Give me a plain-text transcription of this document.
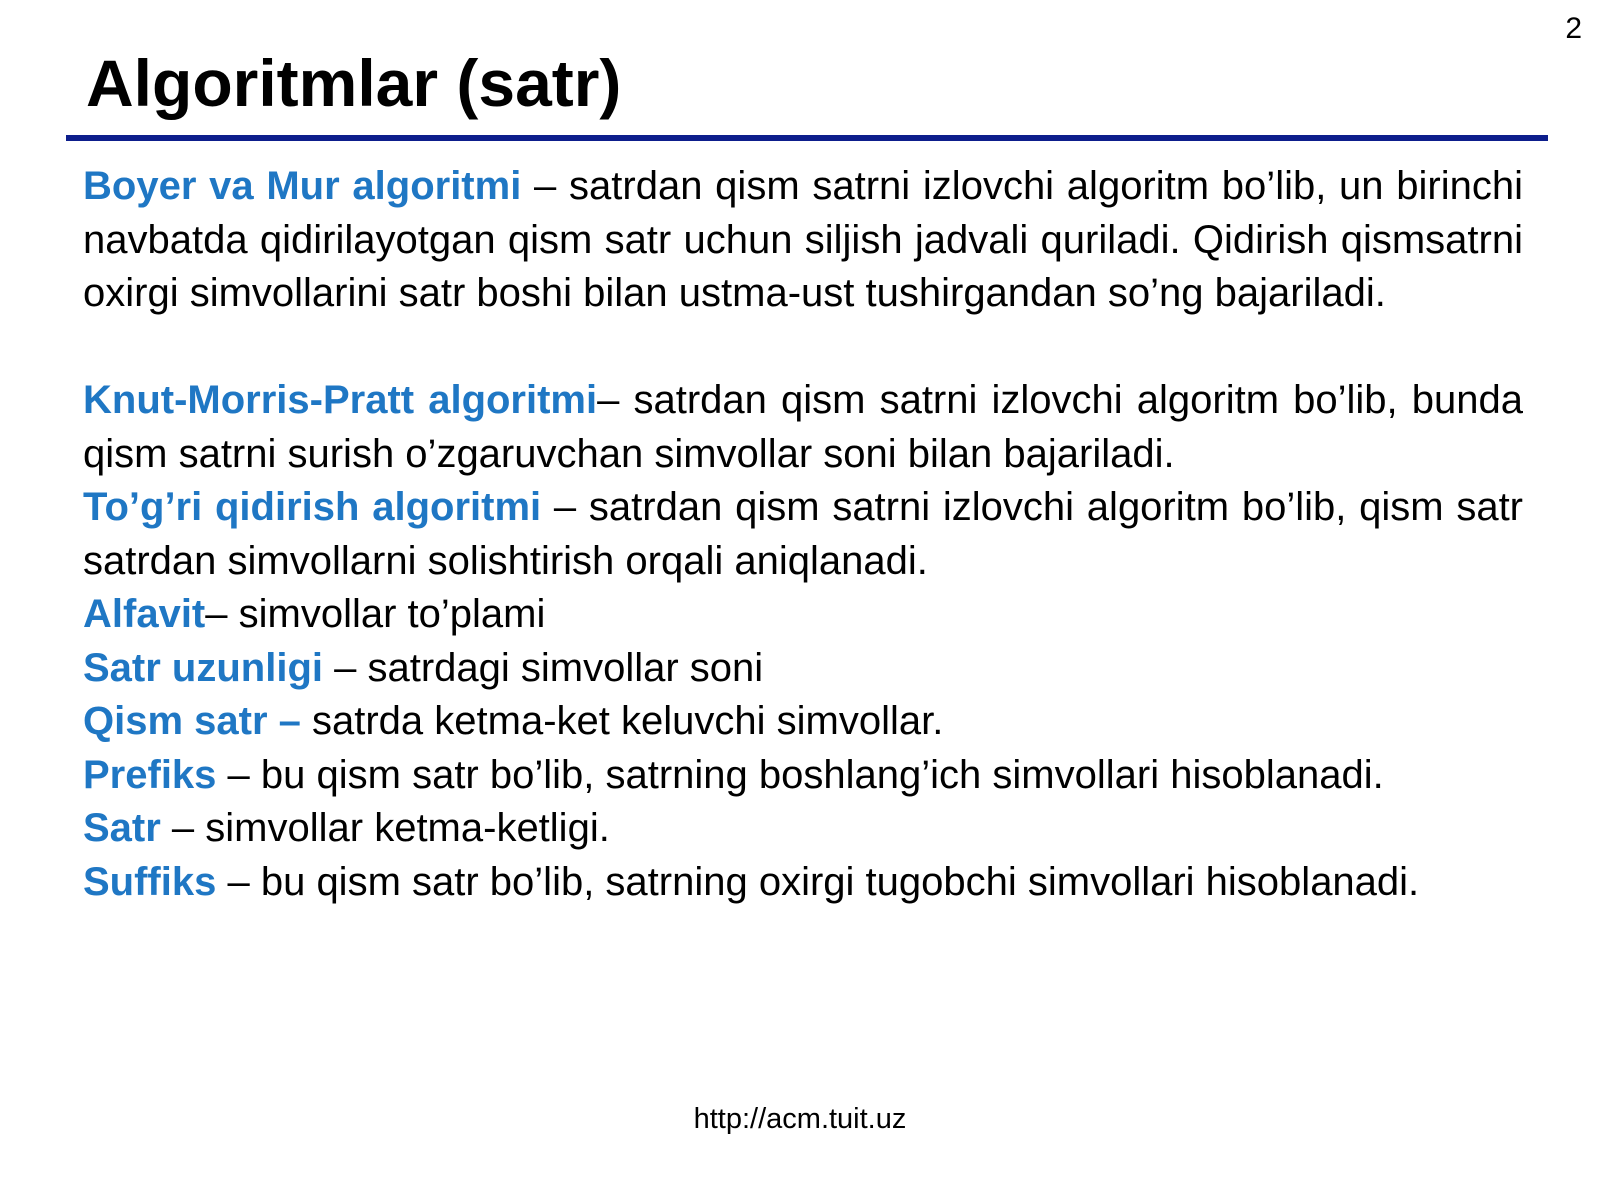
2
Algoritmlar (satr)

Boyer va Mur algoritmi – satrdan qism satrni izlovchi algoritm bo’lib, un birinchi navbatda qidirilayotgan qism satr uchun siljish jadvali quriladi. Qidirish qismsatrni oxirgi simvollarini satr boshi bilan ustma-ust tushirgandan so’ng bajariladi.

Knut-Morris-Pratt algoritmi– satrdan qism satrni izlovchi algoritm bo’lib, bunda qism satrni surish o’zgaruvchan simvollar soni bilan bajariladi.

To’g’ri qidirish algoritmi – satrdan qism satrni izlovchi algoritm bo’lib, qism satr satrdan simvollarni solishtirish orqali aniqlanadi.

Alfavit– simvollar to’plami

Satr uzunligi – satrdagi simvollar soni

Qism satr – satrda ketma-ket keluvchi simvollar.

Prefiks – bu qism satr bo’lib, satrning boshlang’ich simvollari hisoblanadi.

Satr – simvollar ketma-ketligi.

Suffiks – bu qism satr bo’lib, satrning oxirgi tugobchi simvollari hisoblanadi.

http://acm.tuit.uz
